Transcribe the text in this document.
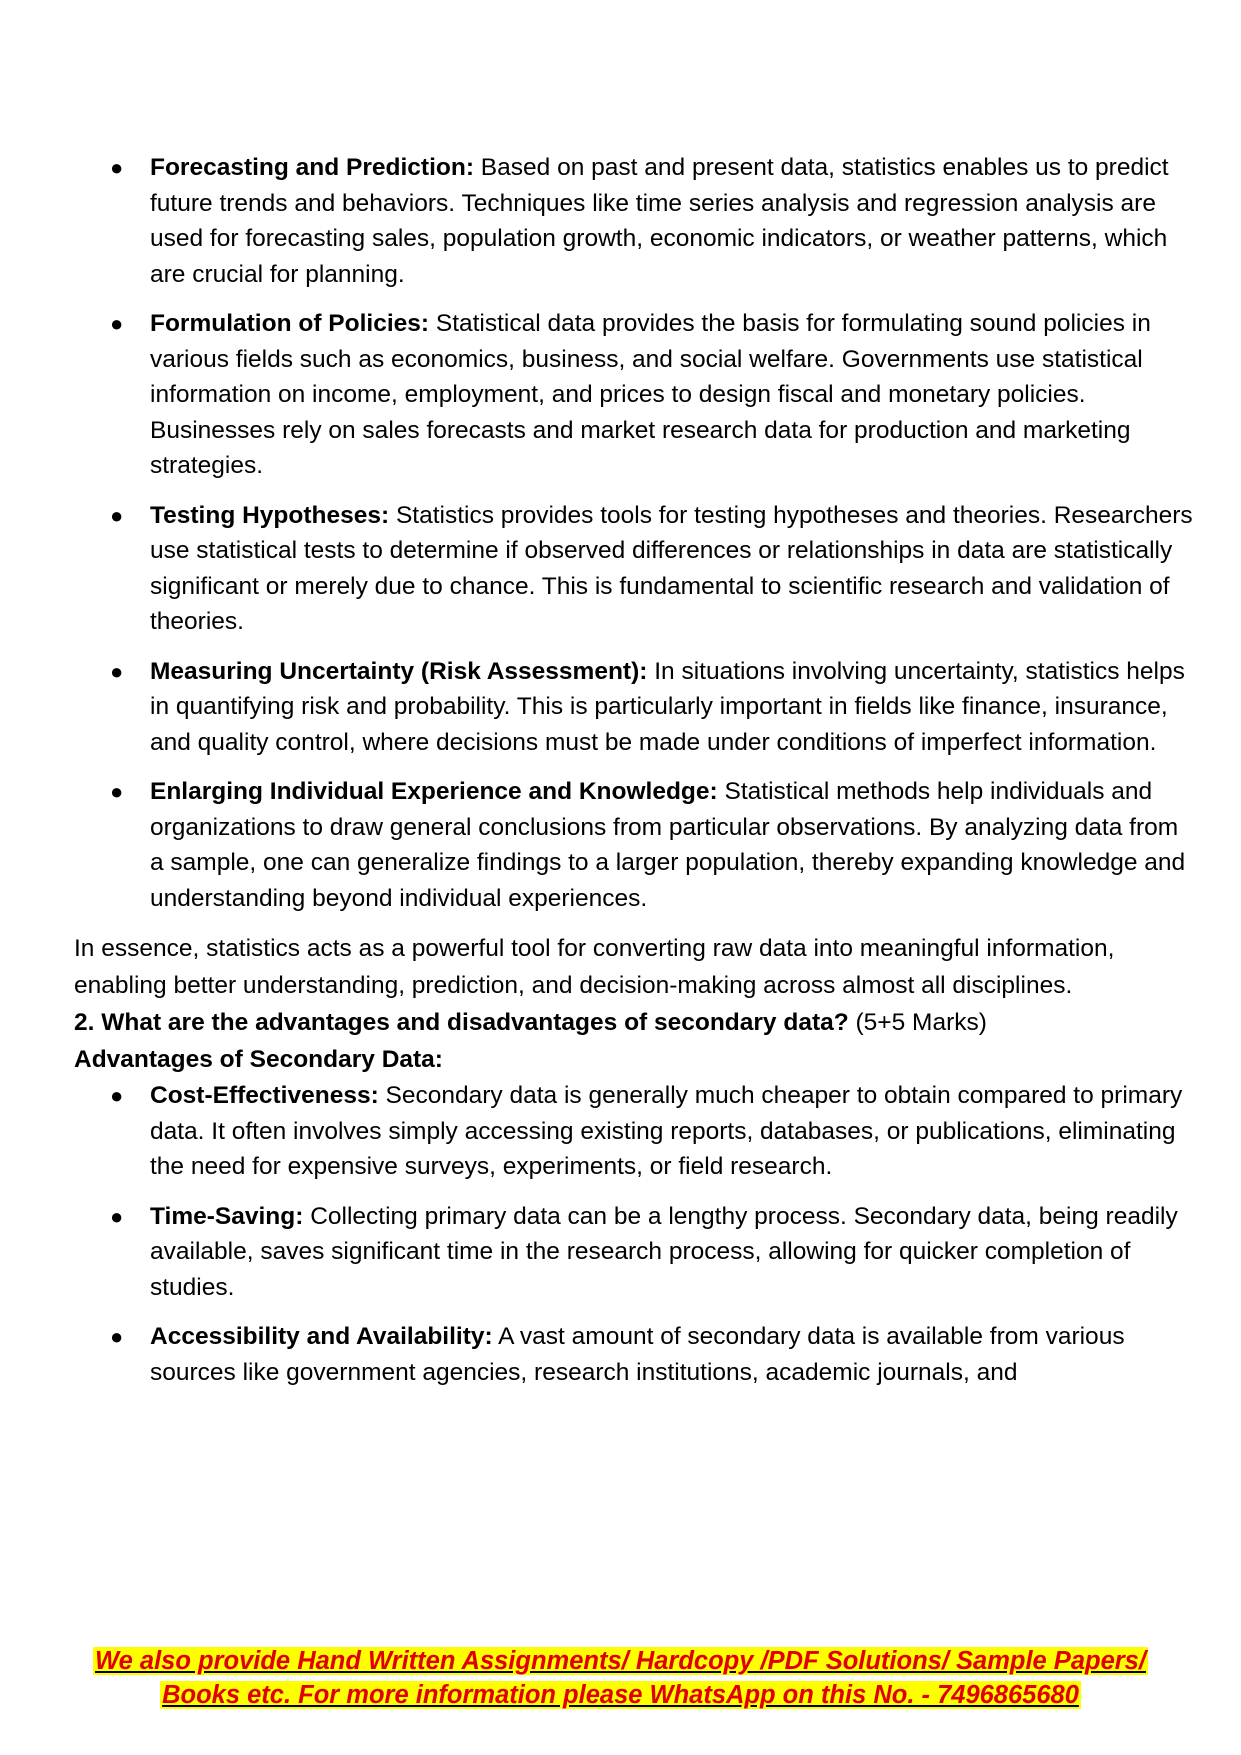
● Forecasting and Prediction: Based on past and present data, statistics enables us to predict future trends and behaviors. Techniques like time series analysis and regression analysis are used for forecasting sales, population growth, economic indicators, or weather patterns, which are crucial for planning.
● Formulation of Policies: Statistical data provides the basis for formulating sound policies in various fields such as economics, business, and social welfare. Governments use statistical information on income, employment, and prices to design fiscal and monetary policies. Businesses rely on sales forecasts and market research data for production and marketing strategies.
● Testing Hypotheses: Statistics provides tools for testing hypotheses and theories. Researchers use statistical tests to determine if observed differences or relationships in data are statistically significant or merely due to chance. This is fundamental to scientific research and validation of theories.
● Measuring Uncertainty (Risk Assessment): In situations involving uncertainty, statistics helps in quantifying risk and probability. This is particularly important in fields like finance, insurance, and quality control, where decisions must be made under conditions of imperfect information.
● Enlarging Individual Experience and Knowledge: Statistical methods help individuals and organizations to draw general conclusions from particular observations. By analyzing data from a sample, one can generalize findings to a larger population, thereby expanding knowledge and understanding beyond individual experiences.

In essence, statistics acts as a powerful tool for converting raw data into meaningful information, enabling better understanding, prediction, and decision-making across almost all disciplines.

2. What are the advantages and disadvantages of secondary data? (5+5 Marks)

Advantages of Secondary Data:

● Cost-Effectiveness: Secondary data is generally much cheaper to obtain compared to primary data. It often involves simply accessing existing reports, databases, or publications, eliminating the need for expensive surveys, experiments, or field research.
● Time-Saving: Collecting primary data can be a lengthy process. Secondary data, being readily available, saves significant time in the research process, allowing for quicker completion of studies.
● Accessibility and Availability: A vast amount of secondary data is available from various sources like government agencies, research institutions, academic journals, and
We also provide Hand Written Assignments/ Hardcopy /PDF Solutions/ Sample Papers/
Books etc. For more information please WhatsApp on this No. - 7496865680
